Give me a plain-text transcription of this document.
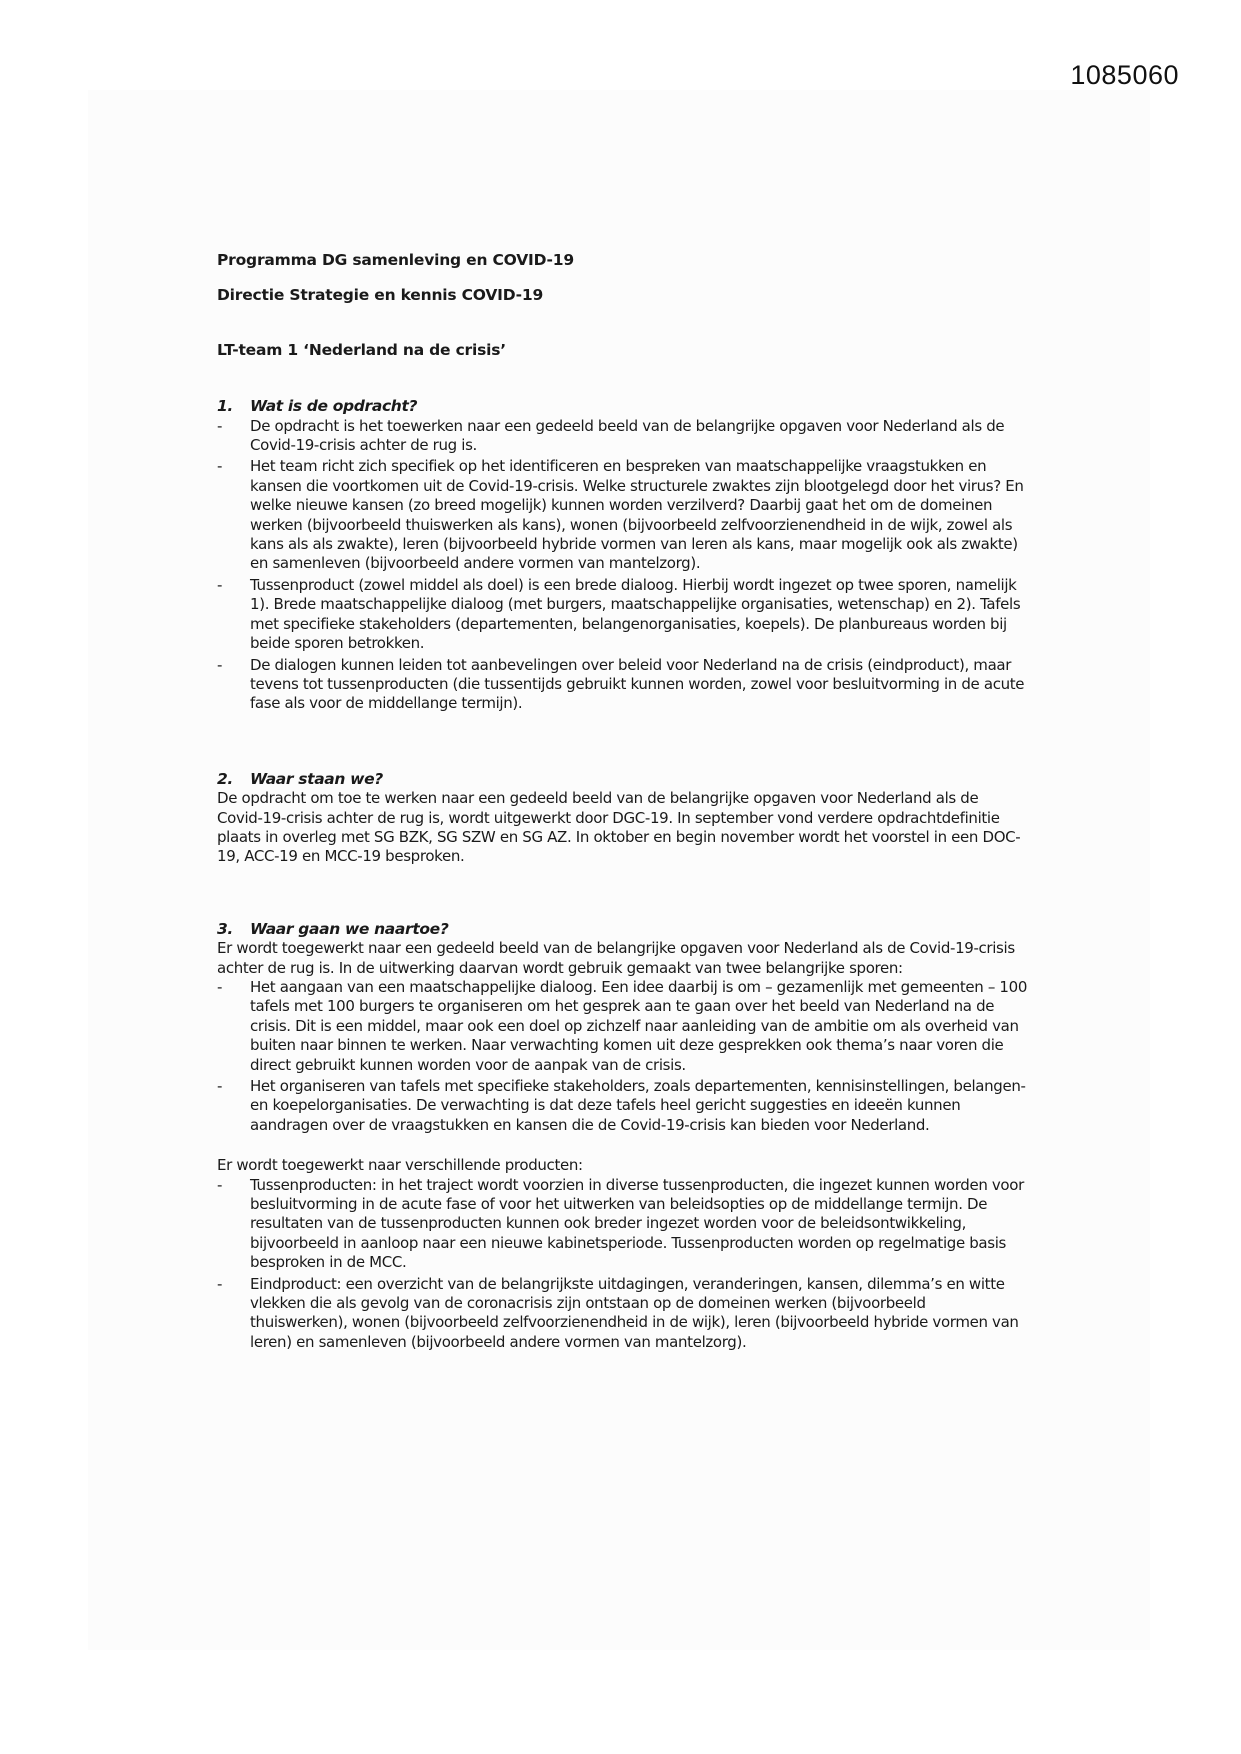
1085060

Programma DG samenleving en COVID-19

Directie Strategie en kennis COVID-19

LT-team 1 ‘Nederland na de crisis’

1.	Wat is de opdracht?
-	De opdracht is het toewerken naar een gedeeld beeld van de belangrijke opgaven voor Nederland als de Covid-19-crisis achter de rug is.
-	Het team richt zich specifiek op het identificeren en bespreken van maatschappelijke vraagstukken en kansen die voortkomen uit de Covid-19-crisis. Welke structurele zwaktes zijn blootgelegd door het virus? En welke nieuwe kansen (zo breed mogelijk) kunnen worden verzilverd? Daarbij gaat het om de domeinen werken (bijvoorbeeld thuiswerken als kans), wonen (bijvoorbeeld zelfvoorzienendheid in de wijk, zowel als kans als als zwakte), leren (bijvoorbeeld hybride vormen van leren als kans, maar mogelijk ook als zwakte) en samenleven (bijvoorbeeld andere vormen van mantelzorg).
-	Tussenproduct (zowel middel als doel) is een brede dialoog. Hierbij wordt ingezet op twee sporen, namelijk 1). Brede maatschappelijke dialoog (met burgers, maatschappelijke organisaties, wetenschap) en 2). Tafels met specifieke stakeholders (departementen, belangenorganisaties, koepels). De planbureaus worden bij beide sporen betrokken.
-	De dialogen kunnen leiden tot aanbevelingen over beleid voor Nederland na de crisis (eindproduct), maar tevens tot tussenproducten (die tussentijds gebruikt kunnen worden, zowel voor besluitvorming in de acute fase als voor de middellange termijn).
2.	Waar staan we?

De opdracht om toe te werken naar een gedeeld beeld van de belangrijke opgaven voor Nederland als de Covid-19-crisis achter de rug is, wordt uitgewerkt door DGC-19. In september vond verdere opdrachtdefinitie plaats in overleg met SG BZK, SG SZW en SG AZ. In oktober en begin november wordt het voorstel in een DOC-19, ACC-19 en MCC-19 besproken.

3.	Waar gaan we naartoe?

Er wordt toegewerkt naar een gedeeld beeld van de belangrijke opgaven voor Nederland als de Covid-19-crisis achter de rug is. In de uitwerking daarvan wordt gebruik gemaakt van twee belangrijke sporen:

-	Het aangaan van een maatschappelijke dialoog. Een idee daarbij is om – gezamenlijk met gemeenten – 100 tafels met 100 burgers te organiseren om het gesprek aan te gaan over het beeld van Nederland na de crisis. Dit is een middel, maar ook een doel op zichzelf naar aanleiding van de ambitie om als overheid van buiten naar binnen te werken. Naar verwachting komen uit deze gesprekken ook thema’s naar voren die direct gebruikt kunnen worden voor de aanpak van de crisis.
-	Het organiseren van tafels met specifieke stakeholders, zoals departementen, kennisinstellingen, belangen- en koepelorganisaties. De verwachting is dat deze tafels heel gericht suggesties en ideeën kunnen aandragen over de vraagstukken en kansen die de Covid-19-crisis kan bieden voor Nederland.

Er wordt toegewerkt naar verschillende producten:

-	Tussenproducten: in het traject wordt voorzien in diverse tussenproducten, die ingezet kunnen worden voor besluitvorming in de acute fase of voor het uitwerken van beleidsopties op de middellange termijn. De resultaten van de tussenproducten kunnen ook breder ingezet worden voor de beleidsontwikkeling, bijvoorbeeld in aanloop naar een nieuwe kabinetsperiode. Tussenproducten worden op regelmatige basis besproken in de MCC.
-	Eindproduct: een overzicht van de belangrijkste uitdagingen, veranderingen, kansen, dilemma’s en witte vlekken die als gevolg van de coronacrisis zijn ontstaan op de domeinen werken (bijvoorbeeld thuiswerken), wonen (bijvoorbeeld zelfvoorzienendheid in de wijk), leren (bijvoorbeeld hybride vormen van leren) en samenleven (bijvoorbeeld andere vormen van mantelzorg).
